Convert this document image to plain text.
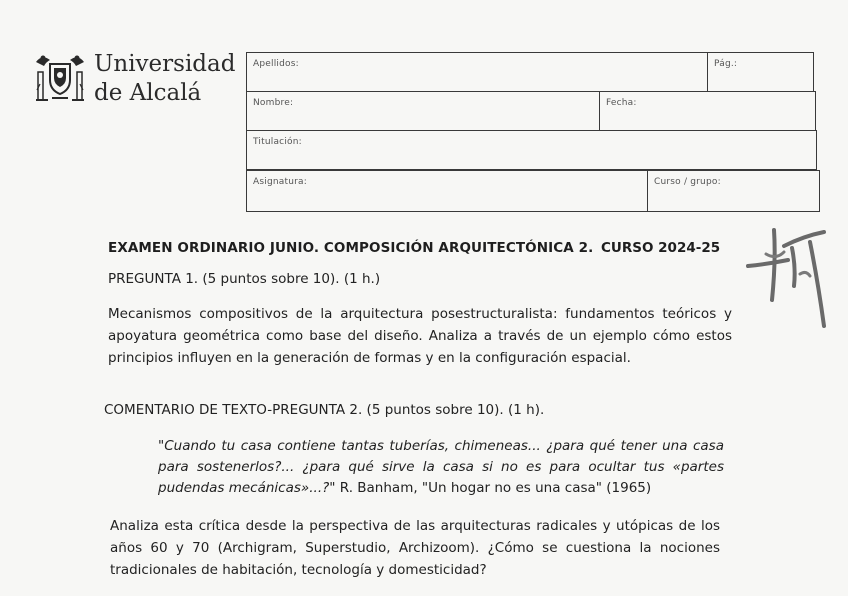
Universidad
de Alcalá
Apellidos:	Pág.:
Nombre:	Fecha:
Titulación:
Asignatura:	Curso / grupo:
EXAMEN ORDINARIO JUNIO. COMPOSICIÓN ARQUITECTÓNICA 2. CURSO 2024-25
PREGUNTA 1. (5 puntos sobre 10). (1 h.)
Mecanismos compositivos de la arquitectura posestructuralista: fundamentos teóricos y apoyatura geométrica como base del diseño. Analiza a través de un ejemplo cómo estos principios influyen en la generación de formas y en la configuración espacial.
COMENTARIO DE TEXTO-PREGUNTA 2. (5 puntos sobre 10). (1 h).
"Cuando tu casa contiene tantas tuberías, chimeneas... ¿para qué tener una casa para sostenerlos?... ¿para qué sirve la casa si no es para ocultar tus «partes pudendas mecánicas»...?" R. Banham, "Un hogar no es una casa" (1965)
Analiza esta crítica desde la perspectiva de las arquitecturas radicales y utópicas de los años 60 y 70 (Archigram, Superstudio, Archizoom). ¿Cómo se cuestiona la nociones tradicionales de habitación, tecnología y domesticidad?
